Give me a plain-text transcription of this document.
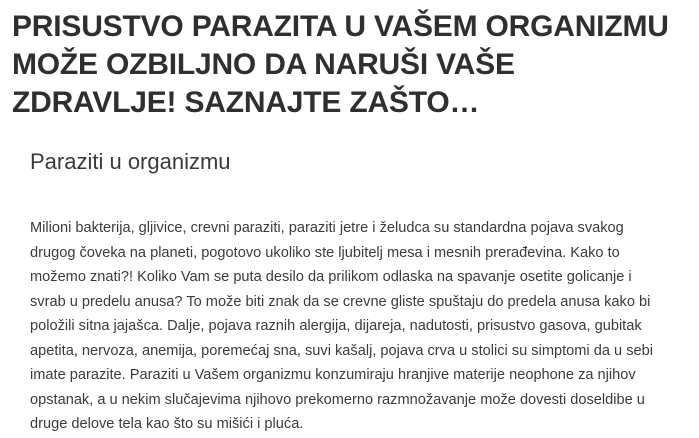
PRISUSTVO PARAZITA U VAŠEM ORGANIZMU MOŽE OZBILJNO DA NARUŠI VAŠE ZDRAVLJE! SAZNAJTE ZAŠTO…
Paraziti u organizmu

Milioni bakterija, gljivice, crevni paraziti, paraziti jetre i želudca su standardna pojava svakog drugog čoveka na planeti, pogotovo ukoliko ste ljubitelj mesa i mesnih prerađevina. Kako to možemo znati?! Koliko Vam se puta desilo da prilikom odlaska na spavanje osetite golicanje i svrab u predelu anusa? To može biti znak da se crevne gliste spuštaju do predela anusa kako bi položili sitna jajašca. Dalje, pojava raznih alergija, dijareja, nadutosti, prisustvo gasova, gubitak apetita, nervoza, anemija, poremećaj sna, suvi kašalj, pojava crva u stolici su simptomi da u sebi imate parazite. Paraziti u Vašem organizmu konzumiraju hranjive materije neophone za njihov opstanak, a u nekim slučajevima njihovo prekomerno razmnožavanje može dovesti doseldibe u druge delove tela kao što su mišići i pluća.
